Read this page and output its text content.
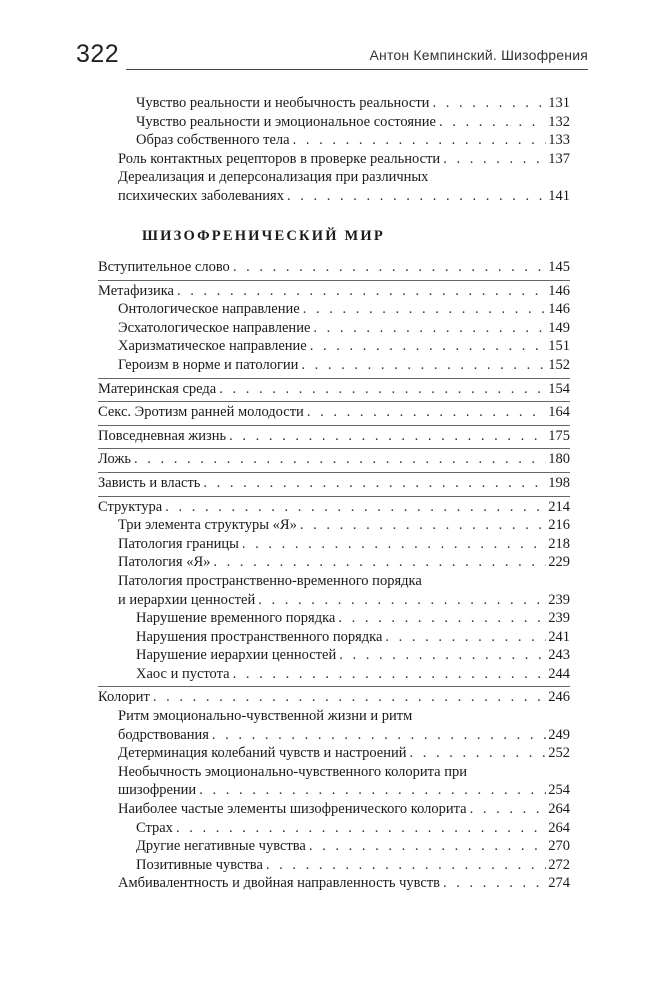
322	Антон Кемпинский. Шизофрения
Чувство реальности и необычность реальности . . .	131
Чувство реальности и эмоциональное состояние . . .	132
Образ собственного тела . . .	133
Роль контактных рецепторов в проверке реальности . . .	137
Дереализация и деперсонализация при различных
психических заболеваниях . . .	141
ШИЗОФРЕНИЧЕСКИЙ МИР
Вступительное слово . . .	145
Метафизика . . .	146
Онтологическое направление . . .	146
Эсхатологическое направление . . .	149
Харизматическое направление . . .	151
Героизм в норме и патологии . . .	152
Материнская среда . . .	154
Секс. Эротизм ранней молодости . . .	164
Повседневная жизнь . . .	175
Ложь . . .	180
Зависть и власть . . .	198
Структура . . .	214
Три элемента структуры «Я» . . .	216
Патология границы . . .	218
Патология «Я» . . .	229
Патология пространственно-временного порядка
и иерархии ценностей . . .	239
Нарушение временного порядка . . .	239
Нарушения пространственного порядка . . .	241
Нарушение иерархии ценностей . . .	243
Хаос и пустота . . .	244
Колорит . . .	246
Ритм эмоционально-чувственной жизни и ритм
бодрствования . . .	249
Детерминация колебаний чувств и настроений . . .	252
Необычность эмоционально-чувственного колорита при
шизофрении . . .	254
Наиболее частые элементы шизофренического колорита . . .	264
Страх . . .	264
Другие негативные чувства . . .	270
Позитивные чувства . . .	272
Амбивалентность и двойная направленность чувств . . .	274
